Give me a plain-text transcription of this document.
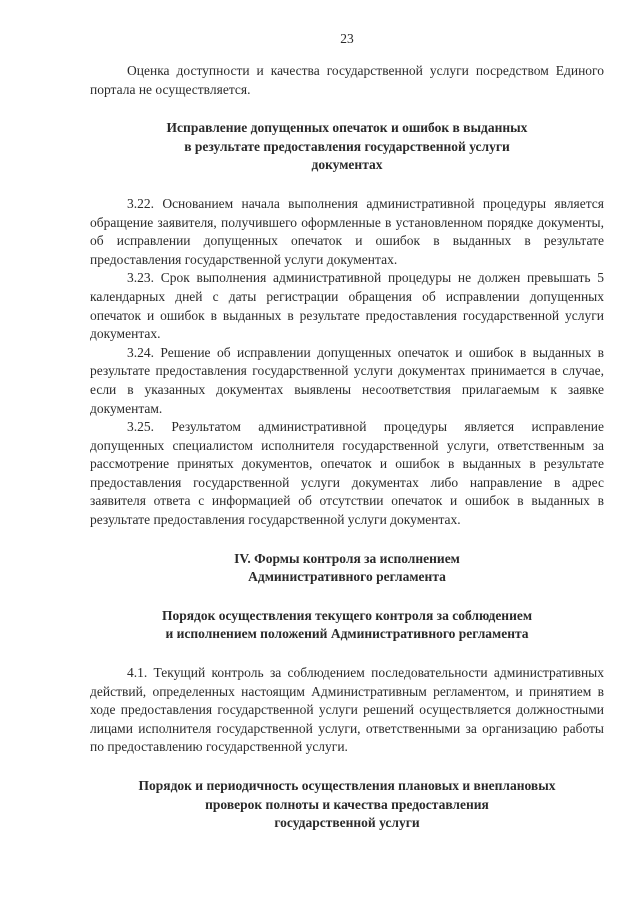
23

Оценка доступности и качества государственной услуги посредством Единого портала не осуществляется.

Исправление допущенных опечаток и ошибок в выданных
в результате предоставления государственной услуги
документах

3.22. Основанием начала выполнения административной процедуры является обращение заявителя, получившего оформленные в установленном порядке документы, об исправлении допущенных опечаток и ошибок в выданных в результате предоставления государственной услуги документах.

3.23. Срок выполнения административной процедуры не должен превышать 5 календарных дней с даты регистрации обращения об исправлении допущенных опечаток и ошибок в выданных в результате предоставления государственной услуги документах.

3.24. Решение об исправлении допущенных опечаток и ошибок в выданных в результате предоставления государственной услуги документах принимается в случае, если в указанных документах выявлены несоответствия прилагаемым к заявке документам.

3.25. Результатом административной процедуры является исправление допущенных специалистом исполнителя государственной услуги, ответственным за рассмотрение принятых документов, опечаток и ошибок в выданных в результате предоставления государственной услуги документах либо направление в адрес заявителя ответа с информацией об отсутствии опечаток и ошибок в выданных в результате предоставления государственной услуги документах.

IV. Формы контроля за исполнением
Административного регламента
Порядок осуществления текущего контроля за соблюдением
и исполнением положений Административного регламента

4.1. Текущий контроль за соблюдением последовательности административных действий, определенных настоящим Административным регламентом, и принятием в ходе предоставления государственной услуги решений осуществляется должностными лицами исполнителя государственной услуги, ответственными за организацию работы по предоставлению государственной услуги.

Порядок и периодичность осуществления плановых и внеплановых
проверок полноты и качества предоставления
государственной услуги
